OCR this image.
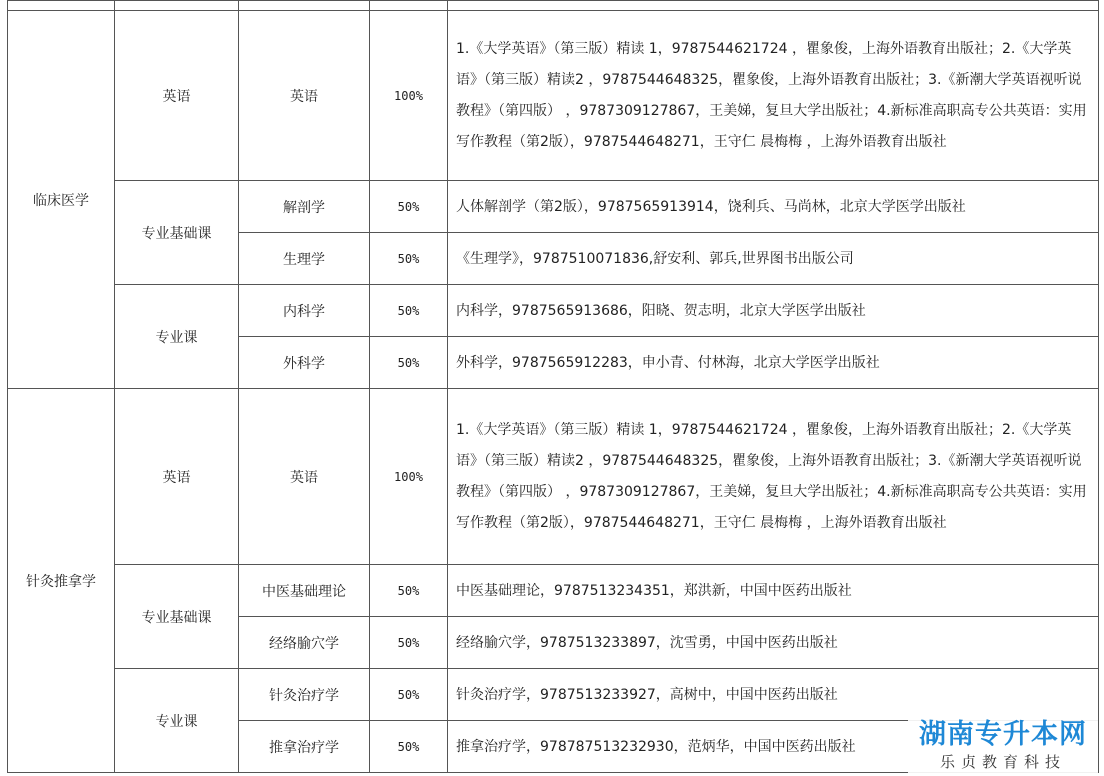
临床医学	英语	英语	100%	1.《大学英语》（第三版）精读 1，9787544621724 ，瞿象俊，上海外语教育出版社；2.《大学英语》（第三版）精读2 ，9787544648325，瞿象俊，上海外语教育出版社；3.《新潮大学英语视听说教程》（第四版） ，9787309127867，王美娣，复旦大学出版社；4.新标准高职高专公共英语：实用写作教程（第2版），9787544648271，王守仁 晨梅梅 ，上海外语教育出版社
	专业基础课	解剖学	50%	人体解剖学（第2版），9787565913914，饶利兵、马尚林，北京大学医学出版社
		生理学	50%	《生理学》，9787510071836,舒安利、郭兵,世界图书出版公司
	专业课	内科学	50%	内科学，9787565913686，阳晓、贺志明，北京大学医学出版社
		外科学	50%	外科学，9787565912283，申小青、付林海，北京大学医学出版社
针灸推拿学	英语	英语	100%	1.《大学英语》（第三版）精读 1，9787544621724 ，瞿象俊，上海外语教育出版社；2.《大学英语》（第三版）精读2 ，9787544648325，瞿象俊，上海外语教育出版社；3.《新潮大学英语视听说教程》（第四版） ，9787309127867，王美娣，复旦大学出版社；4.新标准高职高专公共英语：实用写作教程（第2版），9787544648271，王守仁 晨梅梅 ，上海外语教育出版社
	专业基础课	中医基础理论	50%	中医基础理论，9787513234351，郑洪新，中国中医药出版社
		经络腧穴学	50%	经络腧穴学，9787513233897，沈雪勇，中国中医药出版社
	专业课	针灸治疗学	50%	针灸治疗学，9787513233927，高树中，中国中医药出版社
		推拿治疗学	50%	推拿治疗学，978787513232930，范炳华，中国中医药出版社	湖南专升本网
乐贞教育科技
